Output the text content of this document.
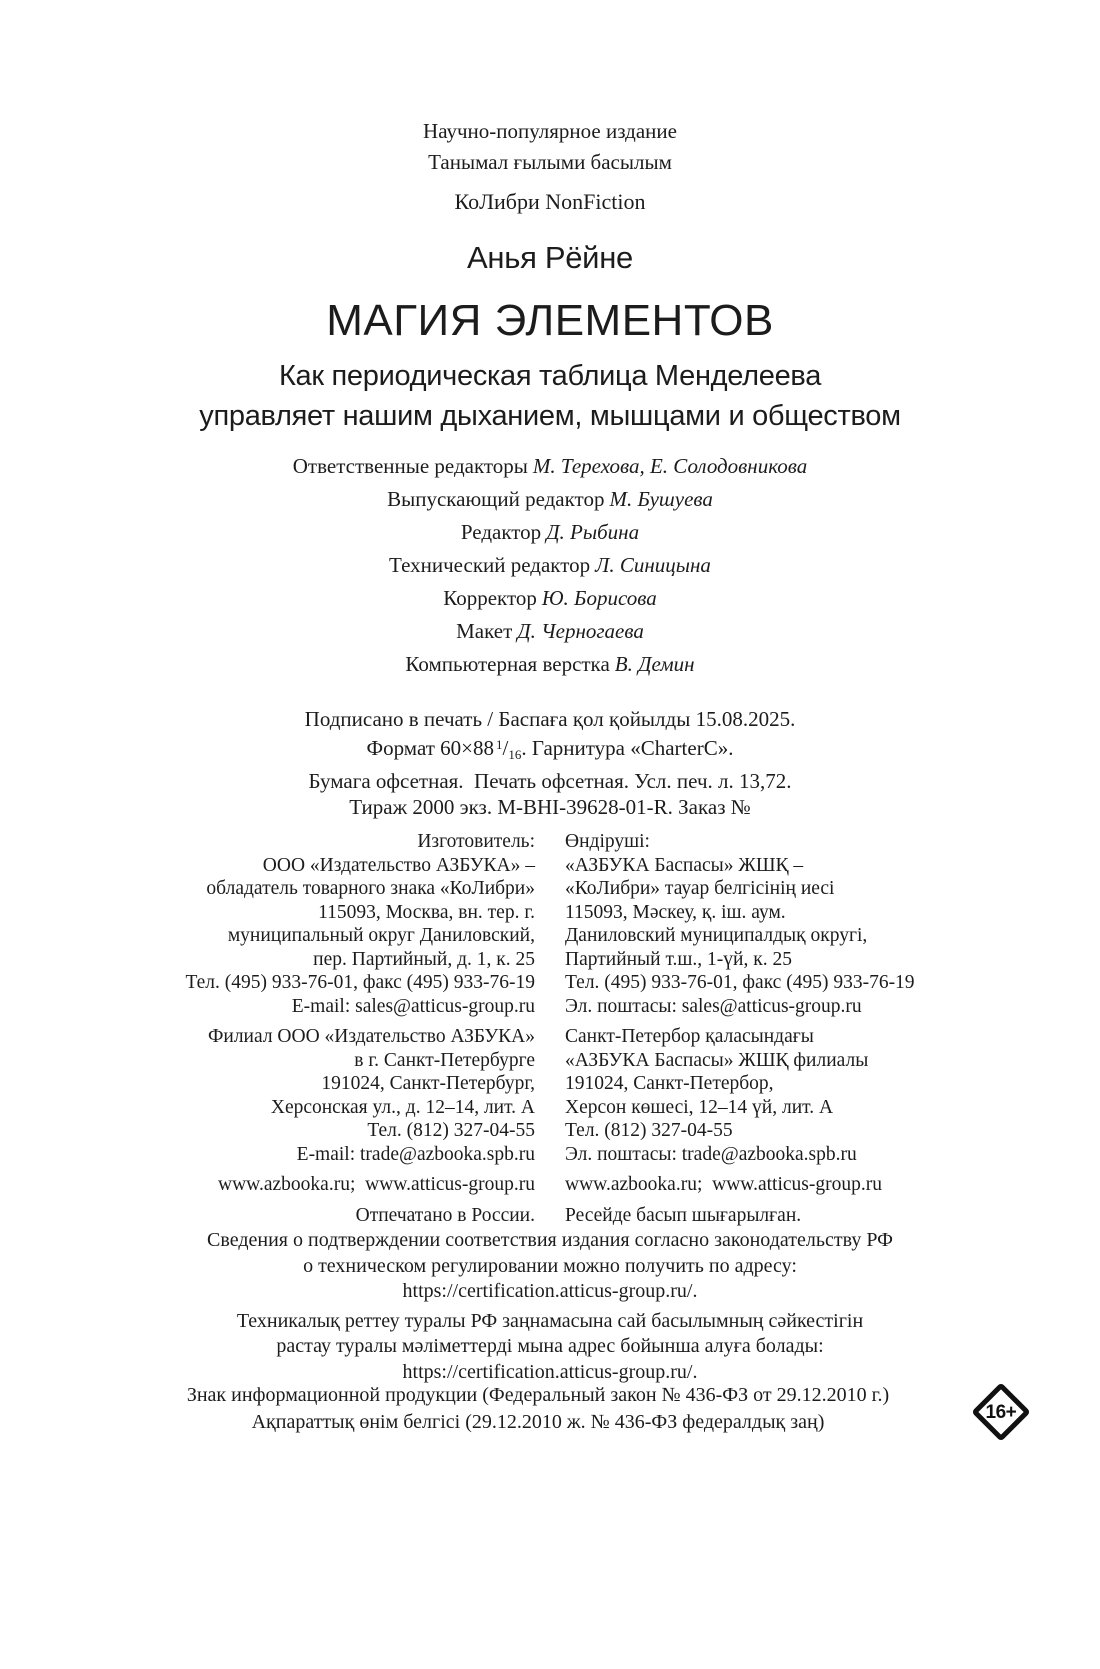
Научно-популярное издание
Танымал ғылыми басылым
КоЛибри NonFiction
Анья Рёйне
МАГИЯ ЭЛЕМЕНТОВ
Как периодическая таблица Менделеева
управляет нашим дыханием, мышцами и обществом
Ответственные редакторы М. Терехова, Е. Солодовникова
Выпускающий редактор М. Бушуева
Редактор Д. Рыбина
Технический редактор Л. Синицына
Корректор Ю. Борисова
Макет Д. Черногаева
Компьютерная верстка В. Демин
Подписано в печать / Баспаға қол қойылды 15.08.2025.
Формат 60×88 $^1$/16. Гарнитура «CharterC».
Бумага офсетная.  Печать офсетная. Усл. печ. л. 13,72.
Тираж 2000 экз. M-BHI-39628-01-R. Заказ №

Изготовитель:
ООО «Издательство АЗБУКА» –
обладатель товарного знака «КоЛибри»
115093, Москва, вн. тер. г.
муниципальный округ Даниловский,
пер. Партийный, д. 1, к. 25
Тел. (495) 933-76-01, факс (495) 933-76-19
E-mail: sales@atticus-group.ru

Филиал ООО «Издательство АЗБУКА»
в г. Санкт-Петербурге
191024, Санкт-Петербург,
Херсонская ул., д. 12–14, лит. А
Тел. (812) 327-04-55
E-mail: trade@azbooka.spb.ru

www.azbooka.ru;  www.atticus-group.ru

Отпечатано в России.

Өндіруші:
«АЗБУКА Баспасы» ЖШҚ –
«КоЛибри» тауар белгісінің иесі
115093, Мәскеу, қ. іш. аум.
Даниловский муниципалдық округі,
Партийный т.ш., 1-үй, к. 25
Тел. (495) 933-76-01, факс (495) 933-76-19
Эл. поштасы: sales@atticus-group.ru

Санкт-Петербор қаласындағы
«АЗБУКА Баспасы» ЖШҚ филиалы
191024, Санкт-Петербор,
Херсон көшесі, 12–14 үй, лит. А
Тел. (812) 327-04-55
Эл. поштасы: trade@azbooka.spb.ru

www.azbooka.ru;  www.atticus-group.ru

Ресейде басып шығарылған.

Сведения о подтверждении соответствия издания согласно законодательству РФ
о техническом регулировании можно получить по адресу:
https://certification.atticus-group.ru/.

Техникалық реттеу туралы РФ заңнамасына сай басылымның сәйкестігін
растау туралы мәліметтерді мына адрес бойынша алуға болады:
https://certification.atticus-group.ru/.

Знак информационной продукции (Федеральный закон № 436-ФЗ от 29.12.2010 г.)
Ақпараттық өнім белгісі (29.12.2010 ж. № 436-ФЗ федералдық заң)	16+
